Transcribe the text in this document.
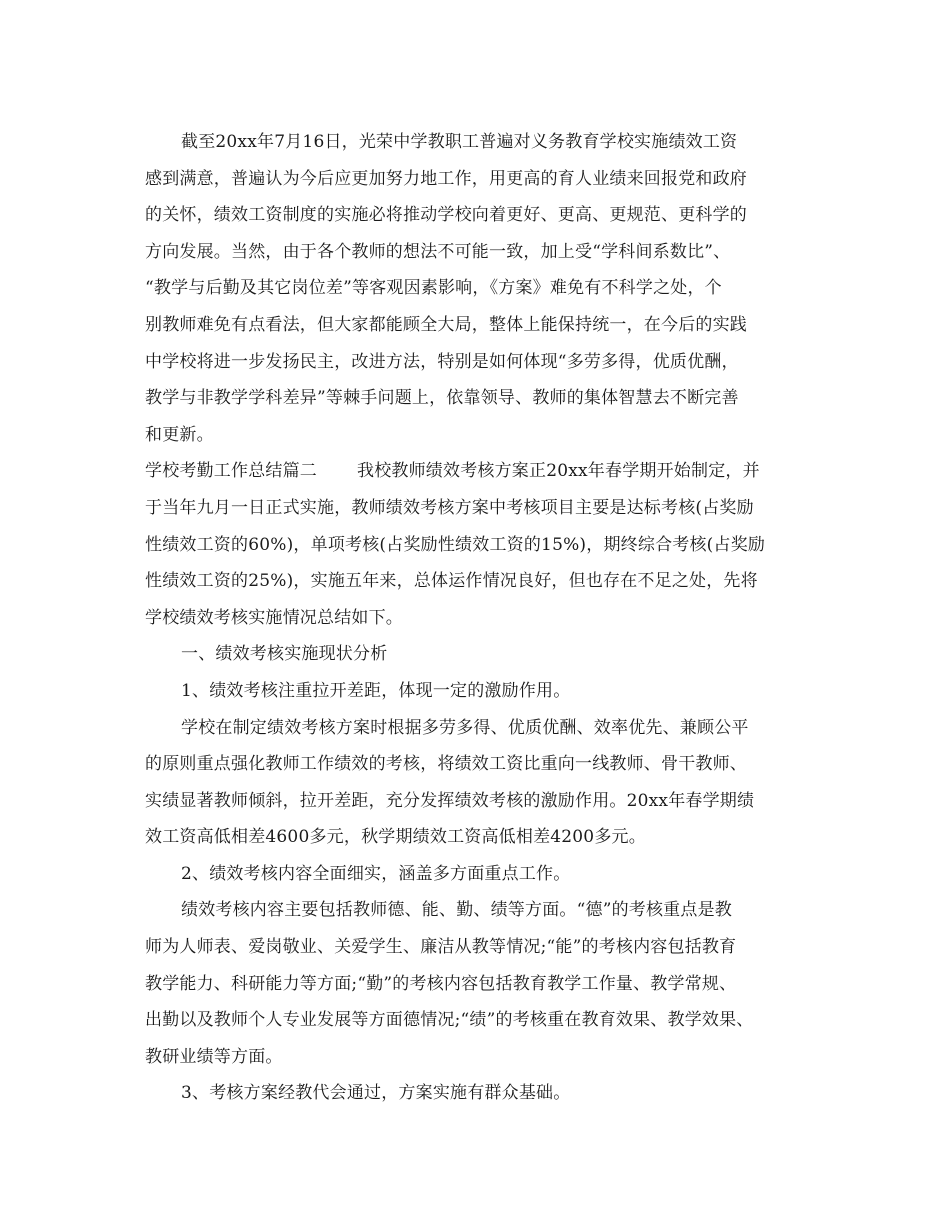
截至20xx年7月16日，光荣中学教职工普遍对义务教育学校实施绩效工资
感到满意，普遍认为今后应更加努力地工作，用更高的育人业绩来回报党和政府
的关怀，绩效工资制度的实施必将推动学校向着更好、更高、更规范、更科学的
方向发展。当然，由于各个教师的想法不可能一致，加上受“学科间系数比”、
“教学与后勤及其它岗位差”等客观因素影响，《方案》难免有不科学之处，个
别教师难免有点看法，但大家都能顾全大局，整体上能保持统一，在今后的实践
中学校将进一步发扬民主，改进方法，特别是如何体现“多劳多得，优质优酬，
教学与非教学学科差异”等棘手问题上，依靠领导、教师的集体智慧去不断完善
和更新。
学校考勤工作总结篇二 我校教师绩效考核方案正20xx年春学期开始制定，并
于当年九月一日正式实施，教师绩效考核方案中考核项目主要是达标考核(占奖励
性绩效工资的60%)，单项考核(占奖励性绩效工资的15%)，期终综合考核(占奖励
性绩效工资的25%)，实施五年来，总体运作情况良好，但也存在不足之处，先将
学校绩效考核实施情况总结如下。
一、绩效考核实施现状分析
1、绩效考核注重拉开差距，体现一定的激励作用。
学校在制定绩效考核方案时根据多劳多得、优质优酬、效率优先、兼顾公平
的原则重点强化教师工作绩效的考核，将绩效工资比重向一线教师、骨干教师、
实绩显著教师倾斜，拉开差距，充分发挥绩效考核的激励作用。20xx年春学期绩
效工资高低相差4600多元，秋学期绩效工资高低相差4200多元。
2、绩效考核内容全面细实，涵盖多方面重点工作。
绩效考核内容主要包括教师德、能、勤、绩等方面。“德”的考核重点是教
师为人师表、爱岗敬业、关爱学生、廉洁从教等情况;“能”的考核内容包括教育
教学能力、科研能力等方面;“勤”的考核内容包括教育教学工作量、教学常规、
出勤以及教师个人专业发展等方面德情况;“绩”的考核重在教育效果、教学效果、
教研业绩等方面。
3、考核方案经教代会通过，方案实施有群众基础。
